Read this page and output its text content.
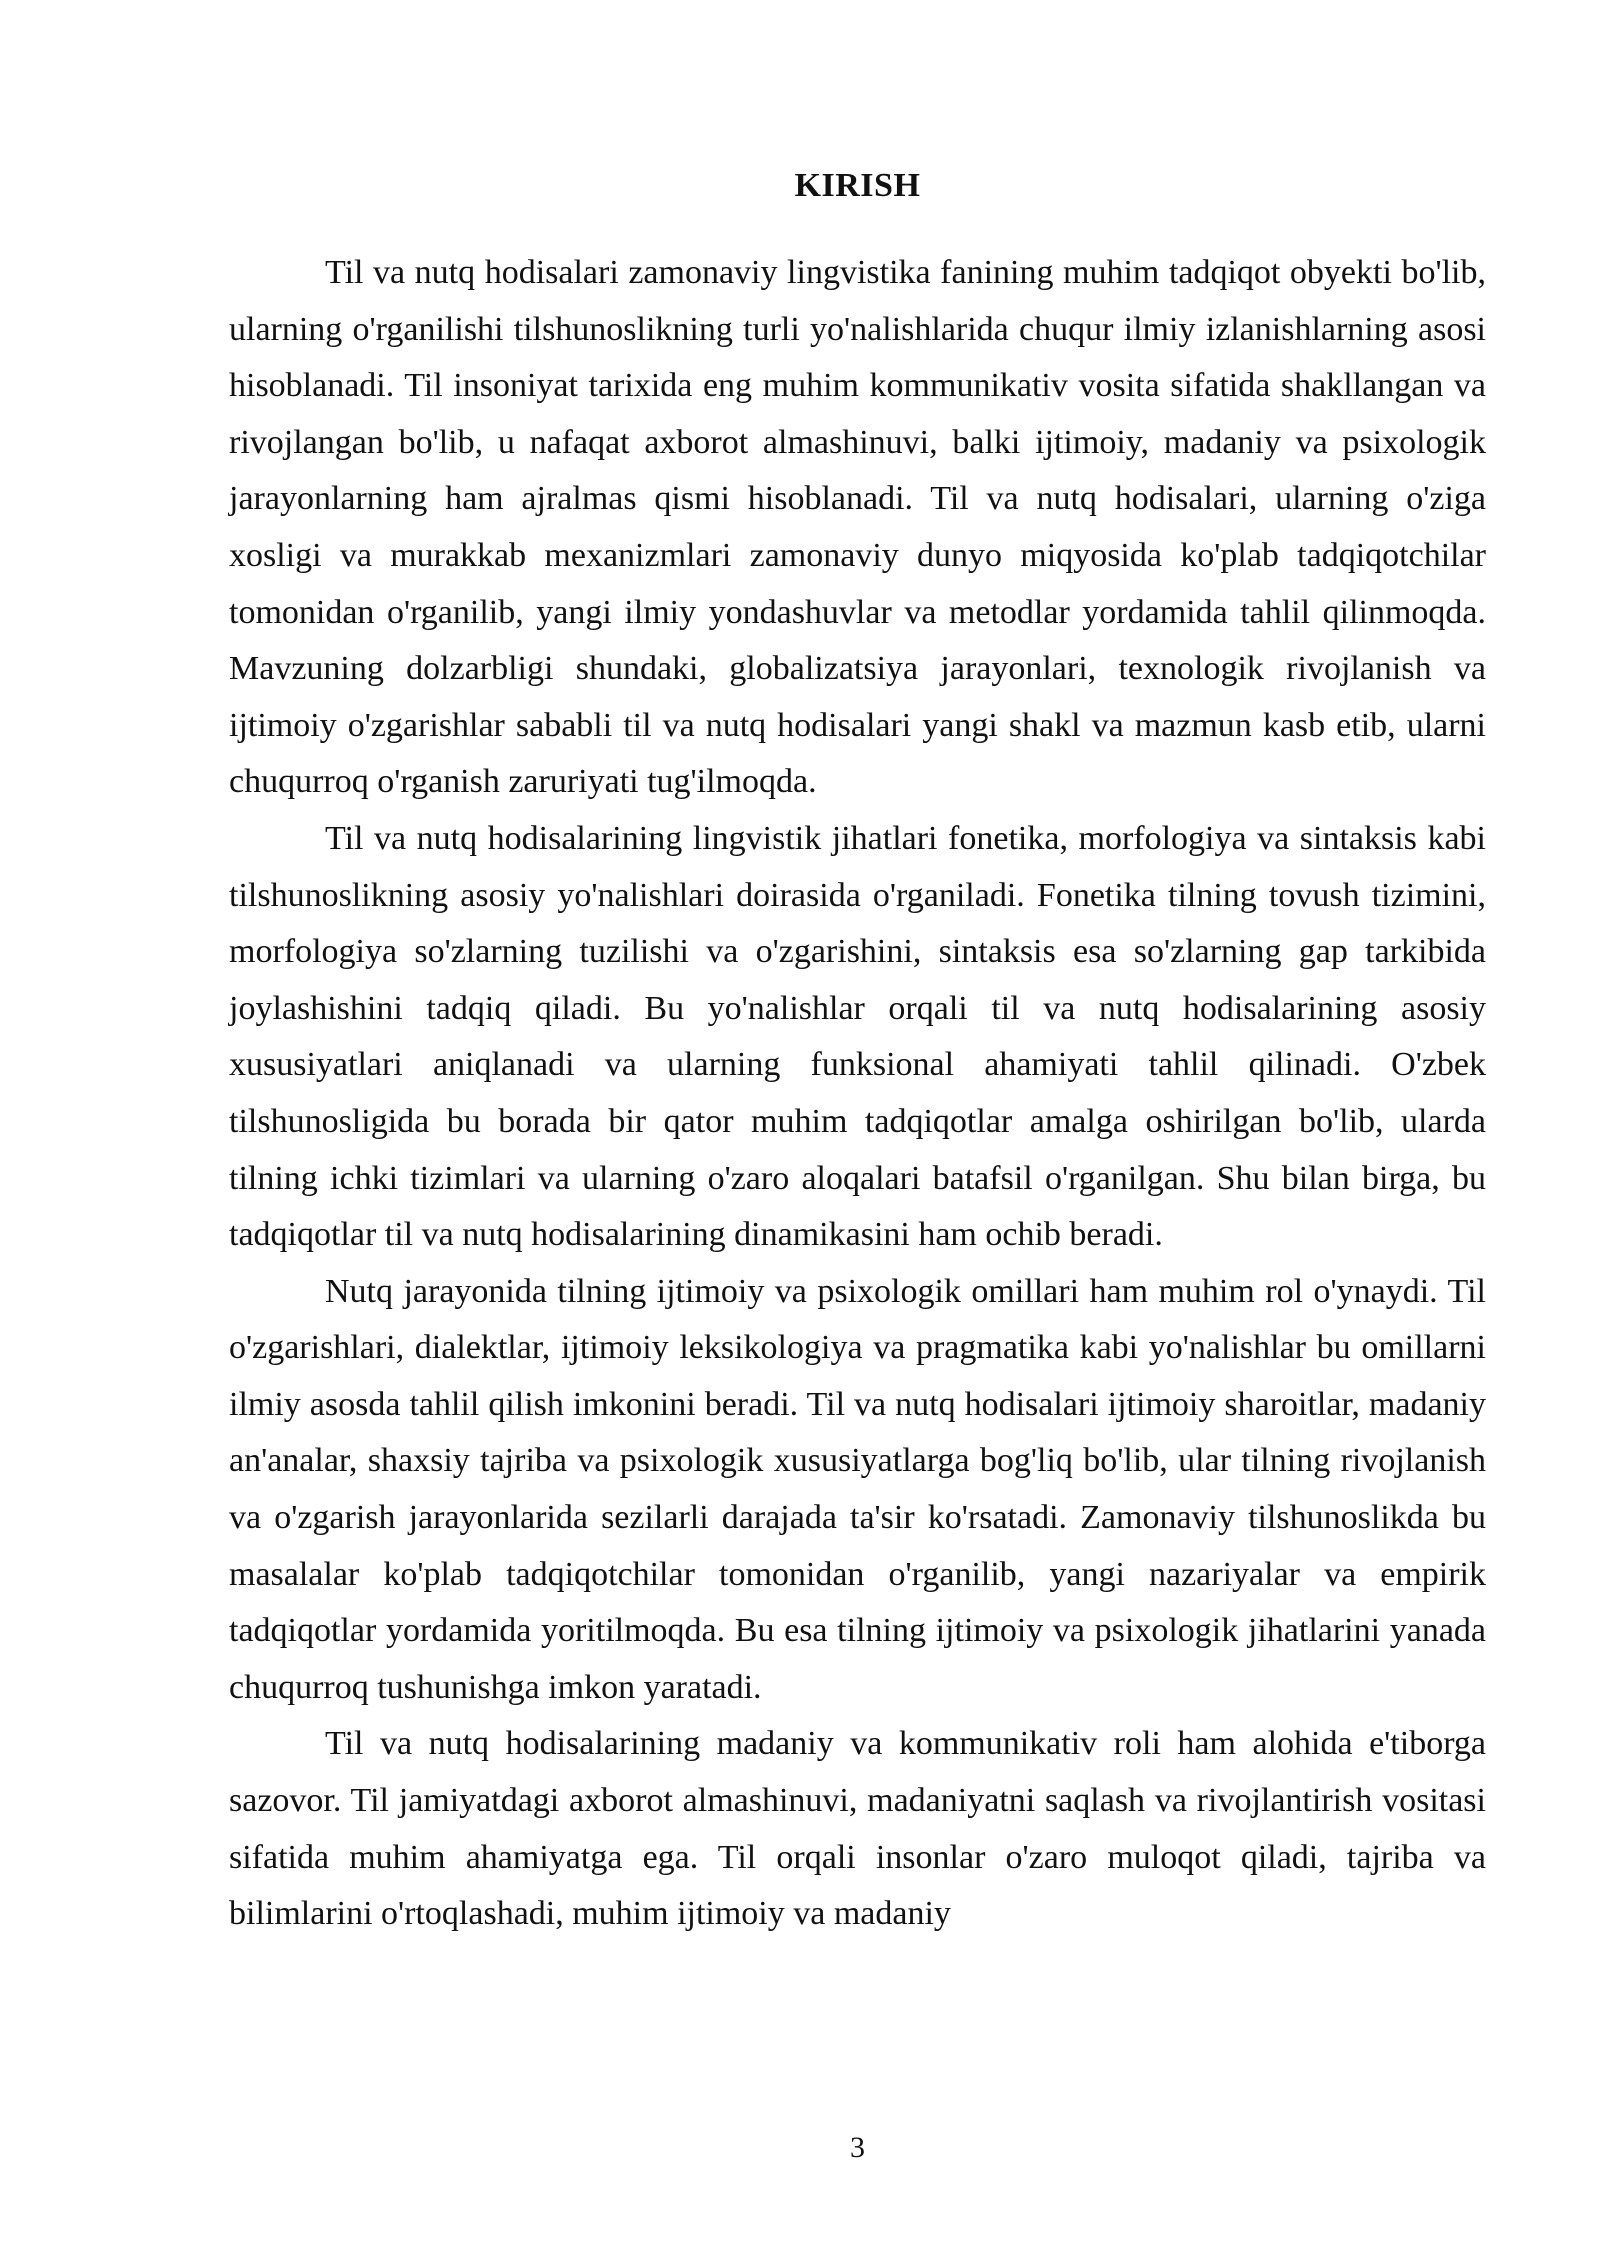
KIRISH

Til va nutq hodisalari zamonaviy lingvistika fanining muhim tadqiqot obyekti bo'lib, ularning o'rganilishi tilshunoslikning turli yo'nalishlarida chuqur ilmiy izlanishlarning asosi hisoblanadi. Til insoniyat tarixida eng muhim kommunikativ vosita sifatida shakllangan va rivojlangan bo'lib, u nafaqat axborot almashinuvi, balki ijtimoiy, madaniy va psixologik jarayonlarning ham ajralmas qismi hisoblanadi. Til va nutq hodisalari, ularning o'ziga xosligi va murakkab mexanizmlari zamonaviy dunyo miqyosida ko'plab tadqiqotchilar tomonidan o'rganilib, yangi ilmiy yondashuvlar va metodlar yordamida tahlil qilinmoqda. Mavzuning dolzarbligi shundaki, globalizatsiya jarayonlari, texnologik rivojlanish va ijtimoiy o'zgarishlar sababli til va nutq hodisalari yangi shakl va mazmun kasb etib, ularni chuqurroq o'rganish zaruriyati tug'ilmoqda.

Til va nutq hodisalarining lingvistik jihatlari fonetika, morfologiya va sintaksis kabi tilshunoslikning asosiy yo'nalishlari doirasida o'rganiladi. Fonetika tilning tovush tizimini, morfologiya so'zlarning tuzilishi va o'zgarishini, sintaksis esa so'zlarning gap tarkibida joylashishini tadqiq qiladi. Bu yo'nalishlar orqali til va nutq hodisalarining asosiy xususiyatlari aniqlanadi va ularning funksional ahamiyati tahlil qilinadi. O'zbek tilshunosligida bu borada bir qator muhim tadqiqotlar amalga oshirilgan bo'lib, ularda tilning ichki tizimlari va ularning o'zaro aloqalari batafsil o'rganilgan. Shu bilan birga, bu tadqiqotlar til va nutq hodisalarining dinamikasini ham ochib beradi.

Nutq jarayonida tilning ijtimoiy va psixologik omillari ham muhim rol o'ynaydi. Til o'zgarishlari, dialektlar, ijtimoiy leksikologiya va pragmatika kabi yo'nalishlar bu omillarni ilmiy asosda tahlil qilish imkonini beradi. Til va nutq hodisalari ijtimoiy sharoitlar, madaniy an'analar, shaxsiy tajriba va psixologik xususiyatlarga bog'liq bo'lib, ular tilning rivojlanish va o'zgarish jarayonlarida sezilarli darajada ta'sir ko'rsatadi. Zamonaviy tilshunoslikda bu masalalar ko'plab tadqiqotchilar tomonidan o'rganilib, yangi nazariyalar va empirik tadqiqotlar yordamida yoritilmoqda. Bu esa tilning ijtimoiy va psixologik jihatlarini yanada chuqurroq tushunishga imkon yaratadi.

Til va nutq hodisalarining madaniy va kommunikativ roli ham alohida e'tiborga sazovor. Til jamiyatdagi axborot almashinuvi, madaniyatni saqlash va rivojlantirish vositasi sifatida muhim ahamiyatga ega. Til orqali insonlar o'zaro muloqot qiladi, tajriba va bilimlarini o'rtoqlashadi, muhim ijtimoiy va madaniy

3
